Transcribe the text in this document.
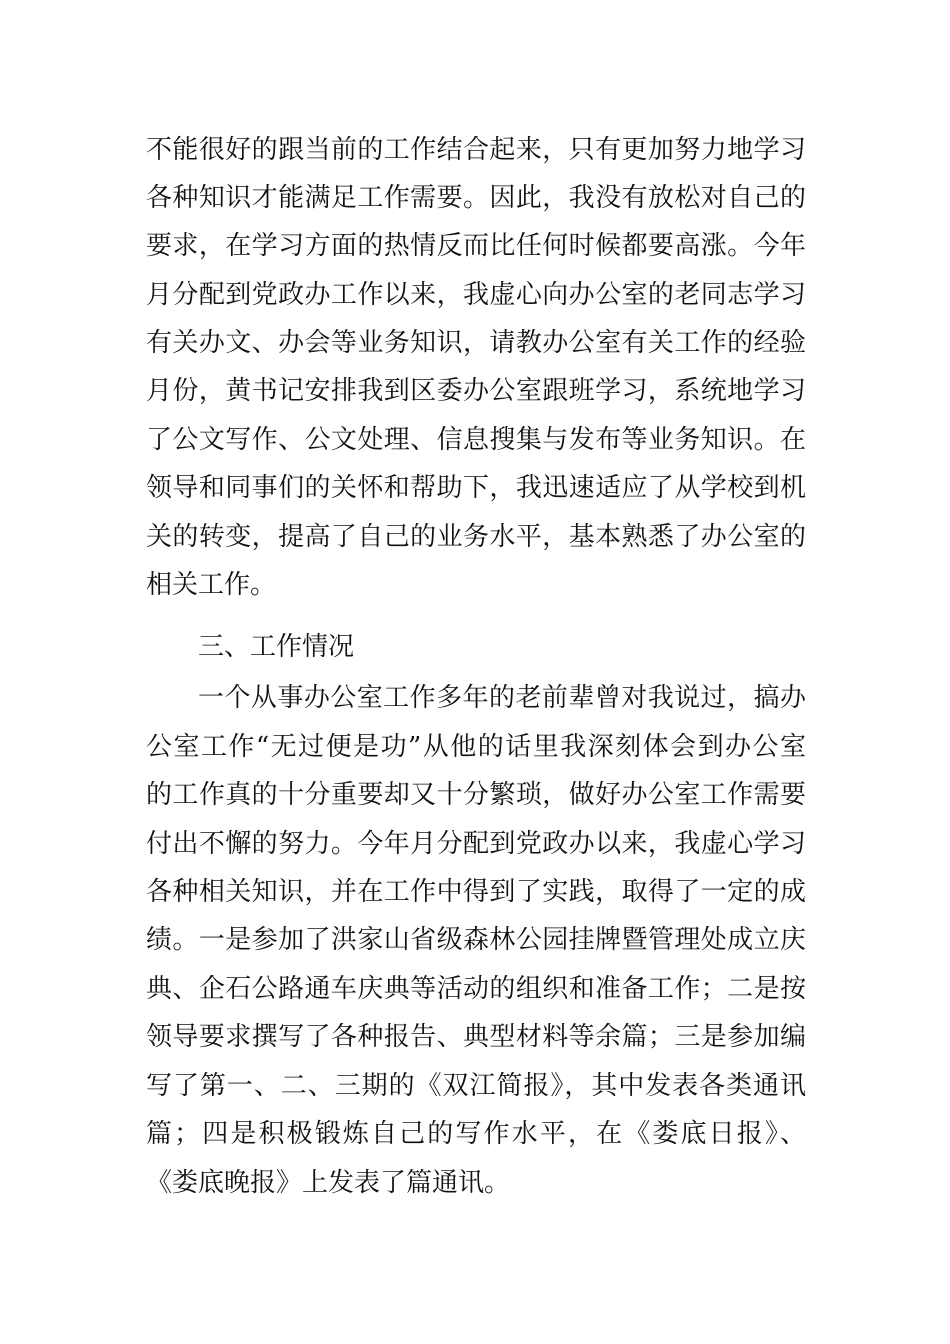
不能很好的跟当前的工作结合起来，只有更加努力地学习
各种知识才能满足工作需要。因此，我没有放松对自己的
要求，在学习方面的热情反而比任何时候都要高涨。今年
月分配到党政办工作以来，我虚心向办公室的老同志学习
有关办文、办会等业务知识，请教办公室有关工作的经验
月份，黄书记安排我到区委办公室跟班学习，系统地学习
了公文写作、公文处理、信息搜集与发布等业务知识。在
领导和同事们的关怀和帮助下，我迅速适应了从学校到机
关的转变，提高了自己的业务水平，基本熟悉了办公室的
相关工作。
三、工作情况
一个从事办公室工作多年的老前辈曾对我说过，搞办
公室工作“无过便是功”从他的话里我深刻体会到办公室
的工作真的十分重要却又十分繁琐，做好办公室工作需要
付出不懈的努力。今年月分配到党政办以来，我虚心学习
各种相关知识，并在工作中得到了实践，取得了一定的成
绩。一是参加了洪家山省级森林公园挂牌暨管理处成立庆
典、企石公路通车庆典等活动的组织和准备工作；二是按
领导要求撰写了各种报告、典型材料等余篇；三是参加编
写了第一、二、三期的《双江简报》，其中发表各类通讯
篇；四是积极锻炼自己的写作水平，在《娄底日报》、
《娄底晚报》上发表了篇通讯。
